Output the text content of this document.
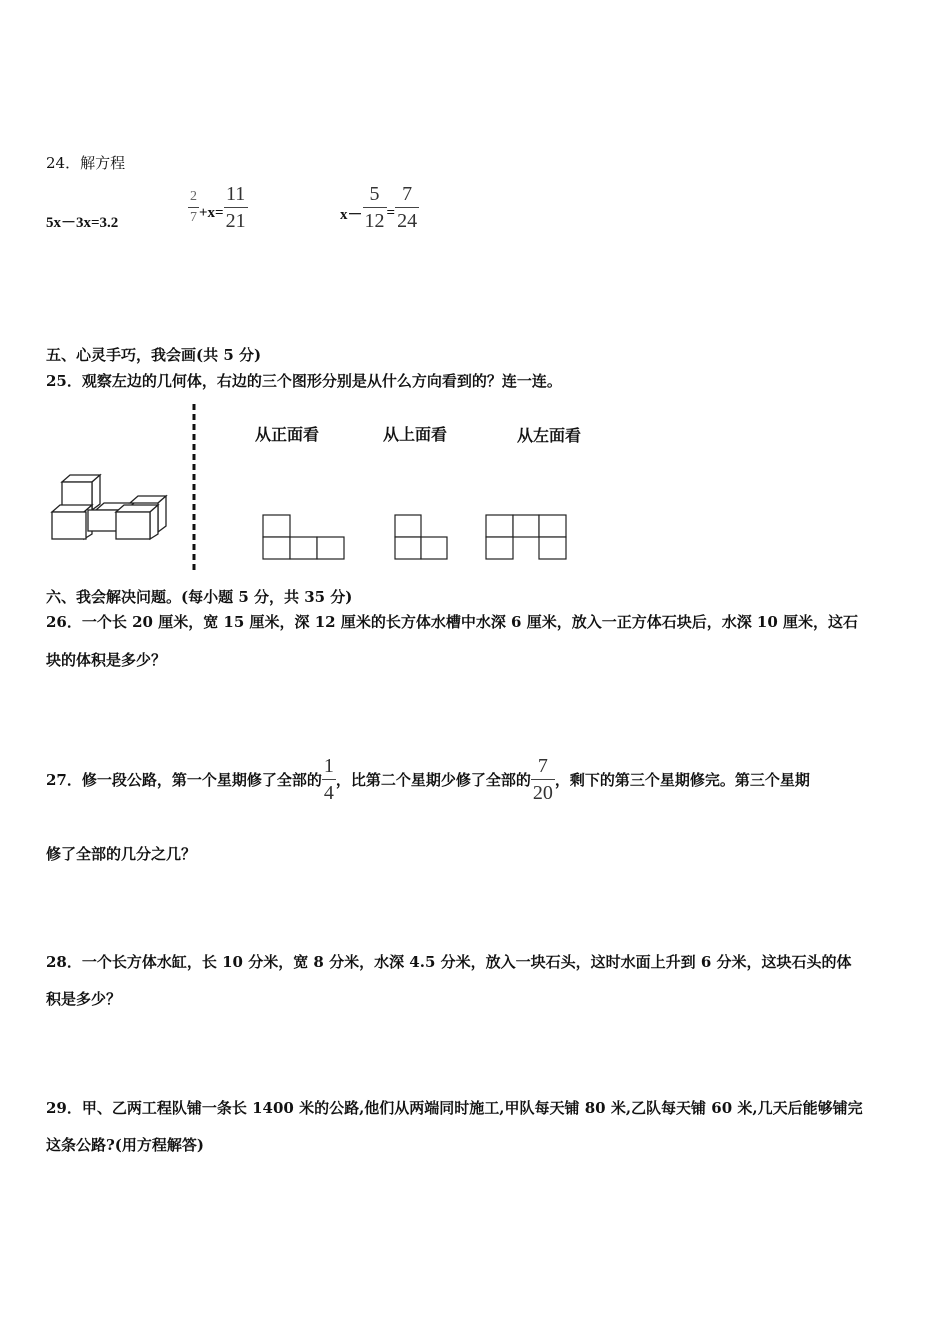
24．解方程
5x－3x=3.2	$\frac{2}{7} +x= \frac{11}{21}$	$x- \frac{5}{12} = \frac{7}{24}$
五、心灵手巧，我会画(共 5 分)
25．观察左边的几何体，右边的三个图形分别是从什么方向看到的？连一连。
从正面看	从上面看	从左面看
六、我会解决问题。(每小题 5 分，共 35 分)
26．一个长 20 厘米，宽 15 厘米，深 12 厘米的长方体水槽中水深 6 厘米，放入一正方体石块后，水深 10 厘米，这石
块的体积是多少？
27．修一段公路，第一个星期修了全部的 $\frac{1}{4}$ ，比第二个星期少修了全部的 $\frac{7}{20}$ ，剩下的第三个星期修完。第三个星期
修了全部的几分之几？
28．一个长方体水缸，长 10 分米，宽 8 分米，水深 4.5 分米，放入一块石头，这时水面上升到 6 分米，这块石头的体
积是多少？
29．甲、乙两工程队铺一条长 1400 米的公路,他们从两端同时施工,甲队每天铺 80 米,乙队每天铺 60 米,几天后能够铺完
这条公路?(用方程解答)
